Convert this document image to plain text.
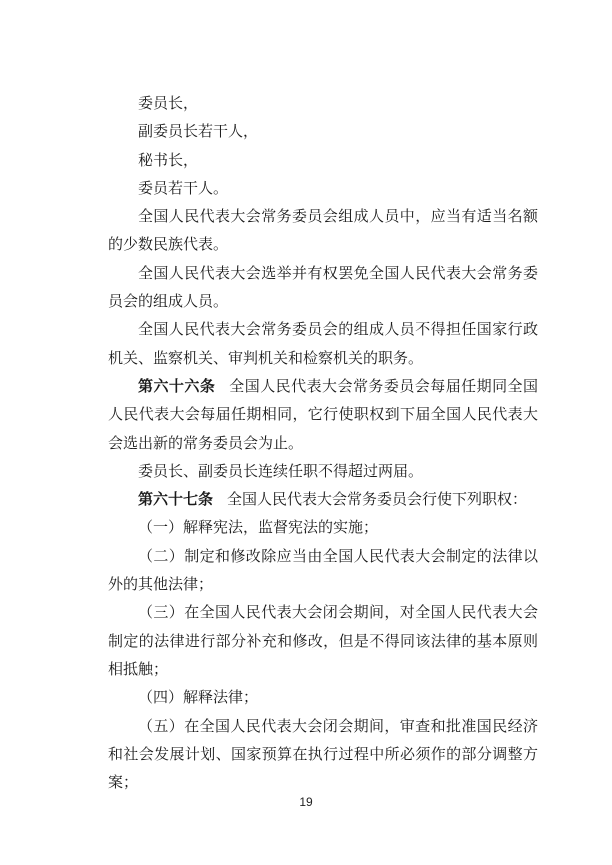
委员长，

副委员长若干人，

秘书长，

委员若干人。

全国人民代表大会常务委员会组成人员中，应当有适当名额的少数民族代表。

全国人民代表大会选举并有权罢免全国人民代表大会常务委员会的组成人员。

全国人民代表大会常务委员会的组成人员不得担任国家行政机关、监察机关、审判机关和检察机关的职务。

第六十六条 全国人民代表大会常务委员会每届任期同全国人民代表大会每届任期相同，它行使职权到下届全国人民代表大会选出新的常务委员会为止。

委员长、副委员长连续任职不得超过两届。

第六十七条 全国人民代表大会常务委员会行使下列职权：

（一）解释宪法，监督宪法的实施；

（二）制定和修改除应当由全国人民代表大会制定的法律以外的其他法律；

（三）在全国人民代表大会闭会期间，对全国人民代表大会制定的法律进行部分补充和修改，但是不得同该法律的基本原则相抵触；

（四）解释法律；

（五）在全国人民代表大会闭会期间，审查和批准国民经济和社会发展计划、国家预算在执行过程中所必须作的部分调整方案；

19
